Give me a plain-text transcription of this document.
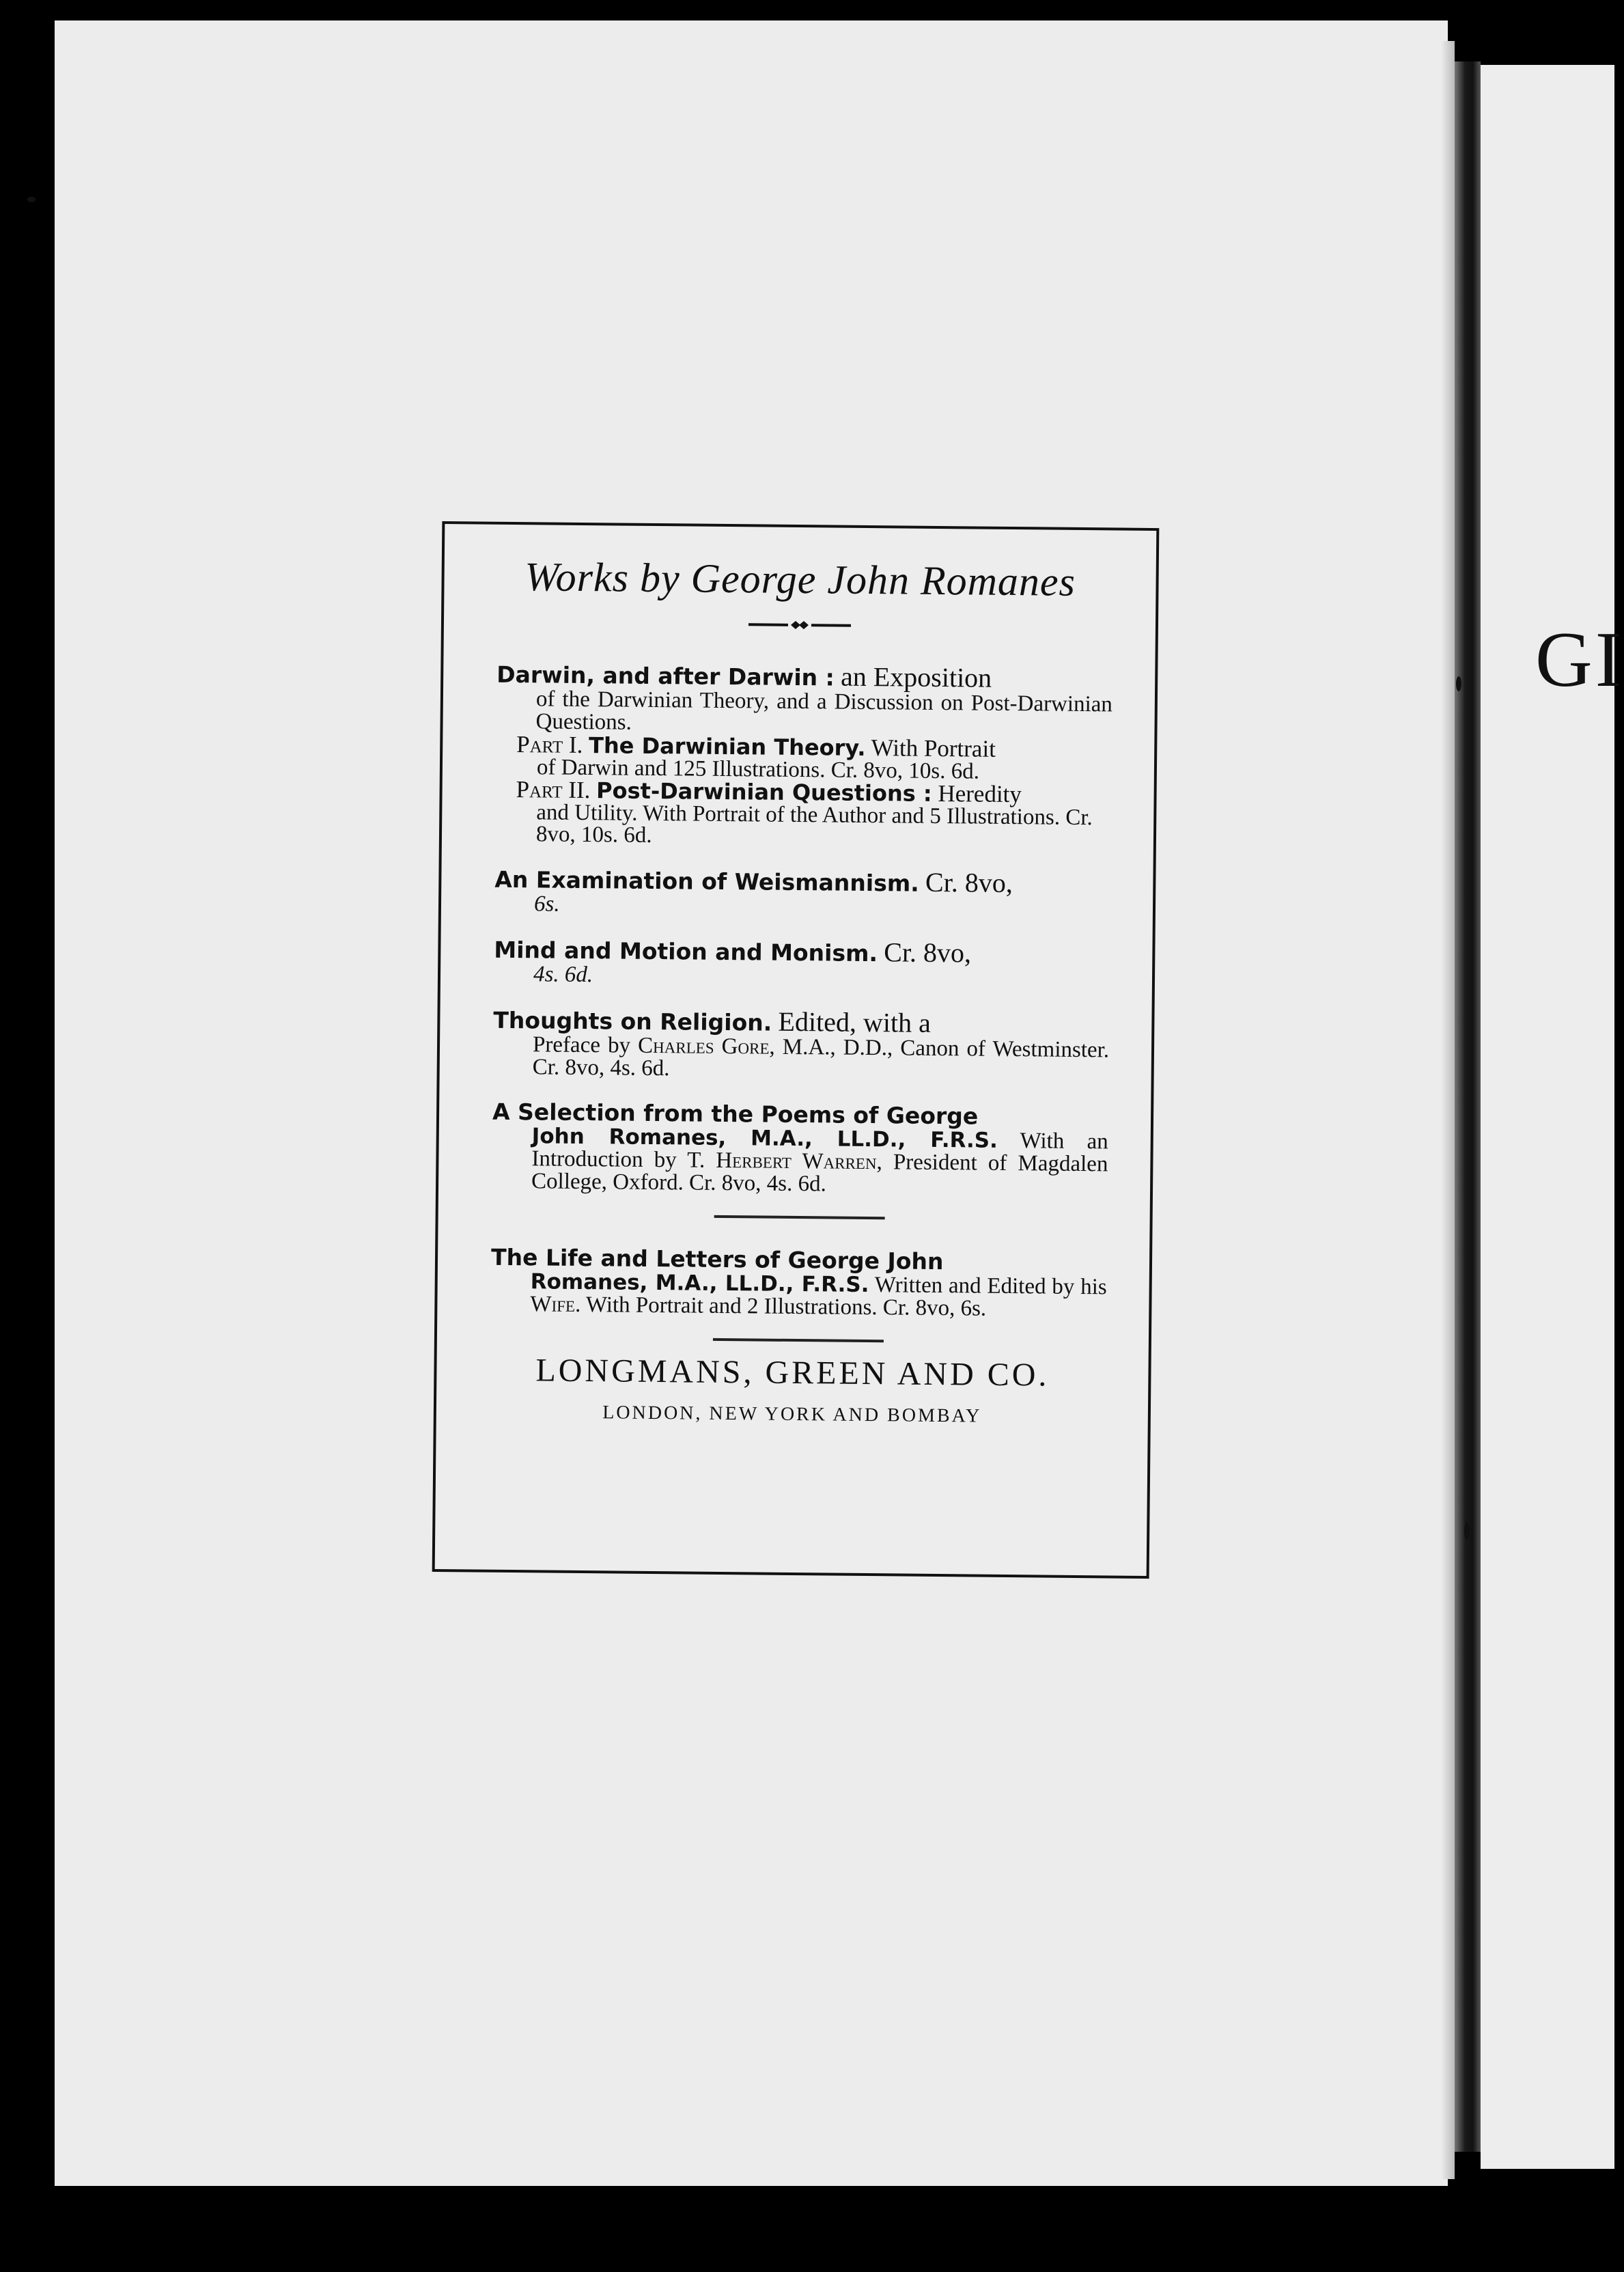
GI
Works by George John Romanes
Darwin, and after Darwin : an Exposition
of the Darwinian Theory, and a Discussion on Post-Darwinian Questions.
Part I. The Darwinian Theory. With Portrait
of Darwin and 125 Illustrations. Cr. 8vo, 10s. 6d.
Part II. Post-Darwinian Questions : Heredity
and Utility. With Portrait of the Author and 5 Illustrations. Cr. 8vo, 10s. 6d.
An Examination of Weismannism. Cr. 8vo,
6s.
Mind and Motion and Monism. Cr. 8vo,
4s. 6d.
Thoughts on Religion. Edited, with a
Preface by Charles Gore, M.A., D.D., Canon of Westminster. Cr. 8vo, 4s. 6d.
A Selection from the Poems of George
John Romanes, M.A., LL.D., F.R.S. With an Introduction by T. Herbert Warren, President of Magdalen College, Oxford. Cr. 8vo, 4s. 6d.
The Life and Letters of George John
Romanes, M.A., LL.D., F.R.S. Written and Edited by his Wife. With Portrait and 2 Illustrations. Cr. 8vo, 6s.
LONGMANS, GREEN AND CO.
LONDON, NEW YORK AND BOMBAY
